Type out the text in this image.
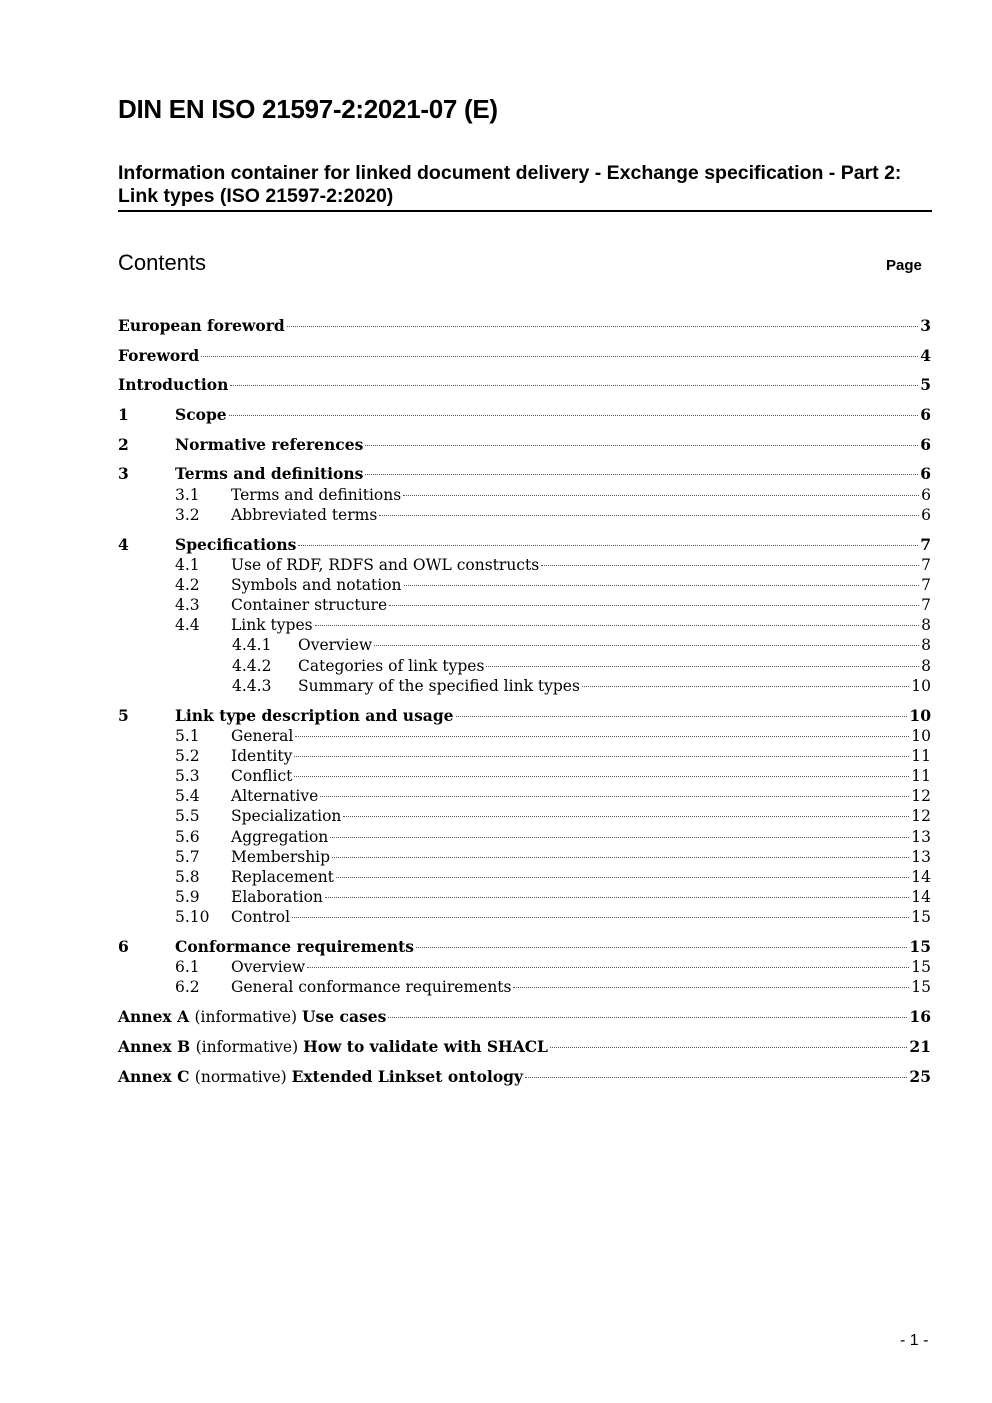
DIN EN ISO 21597-2:2021-07 (E)
Information container for linked document delivery - Exchange specification - Part 2: Link types (ISO 21597-2:2020)
Contents	Page
European foreword	3
Foreword	4
Introduction	5
1	Scope	6
2	Normative references	6
3	Terms and definitions	6
3.1	Terms and definitions	6
3.2	Abbreviated terms	6
4	Specifications	7
4.1	Use of RDF, RDFS and OWL constructs	7
4.2	Symbols and notation	7
4.3	Container structure	7
4.4	Link types	8
4.4.1	Overview	8
4.4.2	Categories of link types	8
4.4.3	Summary of the specified link types	10
5	Link type description and usage	10
5.1	General	10
5.2	Identity	11
5.3	Conflict	11
5.4	Alternative	12
5.5	Specialization	12
5.6	Aggregation	13
5.7	Membership	13
5.8	Replacement	14
5.9	Elaboration	14
5.10	Control	15
6	Conformance requirements	15
6.1	Overview	15
6.2	General conformance requirements	15
Annex A (informative) Use cases	16
Annex B (informative) How to validate with SHACL	21
Annex C (normative) Extended Linkset ontology	25
- 1 -
